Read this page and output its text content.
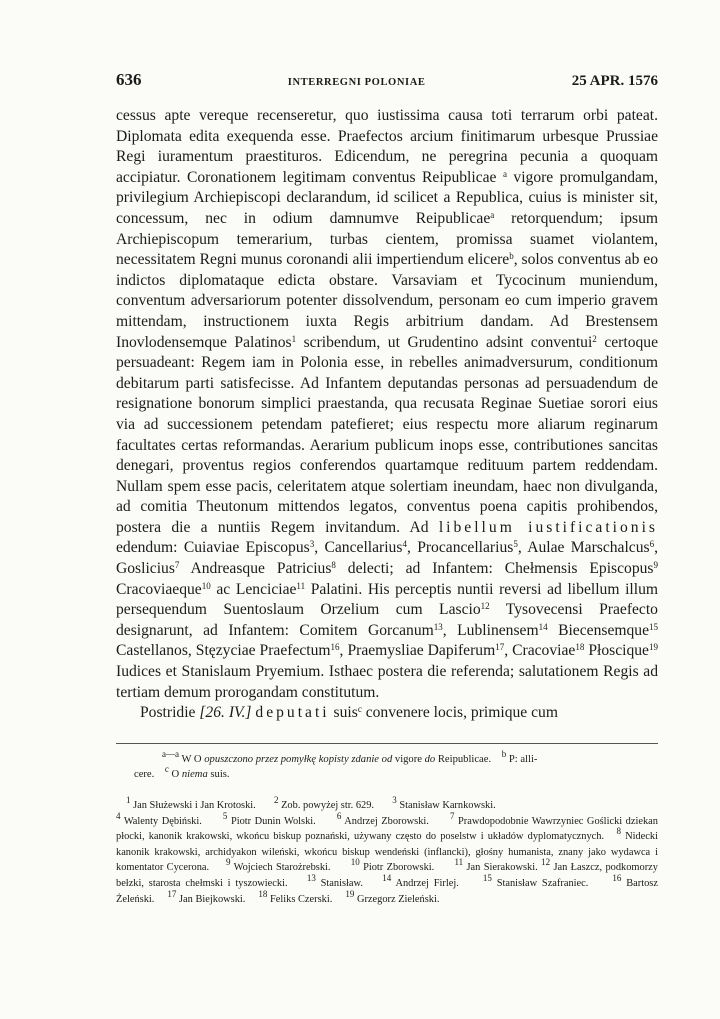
636	INTERREGNI POLONIAE	25 APR. 1576

cessus apte vereque recenseretur, quo iustissima causa toti terrarum orbi pateat. Diplomata edita exequenda esse. Praefectos arcium finitimarum urbesque Prussiae Regi iuramentum praestituros. Edicendum, ne peregrina pecunia a quoquam accipiatur. Coronationem legitimam conventus Reipublicae $^a$ vigore promulgandam, privilegium Archiepiscopi declarandum, id scilicet a Republica, cuius is minister sit, concessum, nec in odium damnumve Reipublicae$^a$ retorquendum; ipsum Archiepiscopum temerarium, turbas cientem, promissa suamet violantem, necessitatem Regni munus coronandi alii impertiendum elicere$^b$, solos conventus ab eo indictos diplomataque edicta obstare. Varsaviam et Tycocinum muniendum, conventum adversariorum potenter dissolvendum, personam eo cum imperio gravem mittendam, instructionem iuxta Regis arbitrium dandam. Ad Brestensem Inovlodensemque Palatinos$^1$ scribendum, ut Grudentino adsint conventui$^2$ certoque persuadeant: Regem iam in Polonia esse, in rebelles animadversurum, conditionum debitarum parti satisfecisse. Ad Infantem deputandas personas ad persuadendum de resignatione bonorum simplici praestanda, qua recusata Reginae Suetiae sorori eius via ad successionem petendam patefieret; eius respectu more aliarum reginarum facultates certas reformandas. Aerarium publicum inops esse, contributiones sancitas denegari, proventus regios conferendos quartamque redituum partem reddendam. Nullam spem esse pacis, celeritatem atque solertiam ineundam, haec non divulganda, ad comitia Theutonum mittendos legatos, conventus poena capitis prohibendos, postera die a nuntiis Regem invitandum. Ad libellum iustificationis edendum: Cuiaviae Episcopus$^3$, Cancellarius$^4$, Procancellarius$^5$, Aulae Marschalcus$^6$, Goslicius$^7$ Andreasque Patricius$^8$ delecti; ad Infantem: Chełmensis Episcopus$^9$ Cracoviaeque$^{10}$ ac Lenciciae$^{11}$ Palatini. His perceptis nuntii reversi ad libellum illum persequendum Suentoslaum Orzelium cum Lascio$^{12}$ Tysovecensi Praefecto designarunt, ad Infantem: Comitem Gorcanum$^{13}$, Lublinensem$^{14}$ Biecensemque$^{15}$ Castellanos, Stęzyciae Praefectum$^{16}$, Praemysliae Dapiferum$^{17}$, Cracoviae$^{18}$ Płoscique$^{19}$ Iudices et Stanislaum Pryemium. Isthaec postera die referenda; salutationem Regis ad tertiam demum prorogandam constitutum.

Postridie [26. IV.] deputati suis$^c$ convenere locis, primique cum

$^{a—a}$ W O opuszczono przez pomyłkę kopisty zdanie od vigore do Reipublicae. $^b$ P: alli-
cere. $^c$ O niema suis.
$^1$ Jan Służewski i Jan Krotoski. $^2$ Zob. powyżej str. 629. $^3$ Stanisław Karnkowski.
$^4$ Walenty Dębiński. $^5$ Piotr Dunin Wolski. $^6$ Andrzej Zborowski. $^7$ Prawdopodobnie Wawrzyniec Goślicki dziekan płocki, kanonik krakowski, wkońcu biskup poznański, używany często do poselstw i układów dyplomatycznych. $^8$ Nidecki kanonik krakowski, archidyakon wileński, wkońcu biskup wendeński (inflancki), głośny humanista, znany jako wydawca i komentator Cycerona. $^9$ Wojciech Starożrebski. $^{10}$ Piotr Zborowski. $^{11}$ Jan Sierakowski. $^{12}$ Jan Łaszcz, podkomorzy bełzki, starosta chełmski i tyszowiecki. $^{13}$ Stanisław. $^{14}$ Andrzej Firlej.	$^{15}$ Stanisław Szafraniec.	$^{16}$ Bartosz Żeleński. $^{17}$ Jan Biejkowski. $^{18}$ Feliks Czerski. $^{19}$ Grzegorz Zieleński.
